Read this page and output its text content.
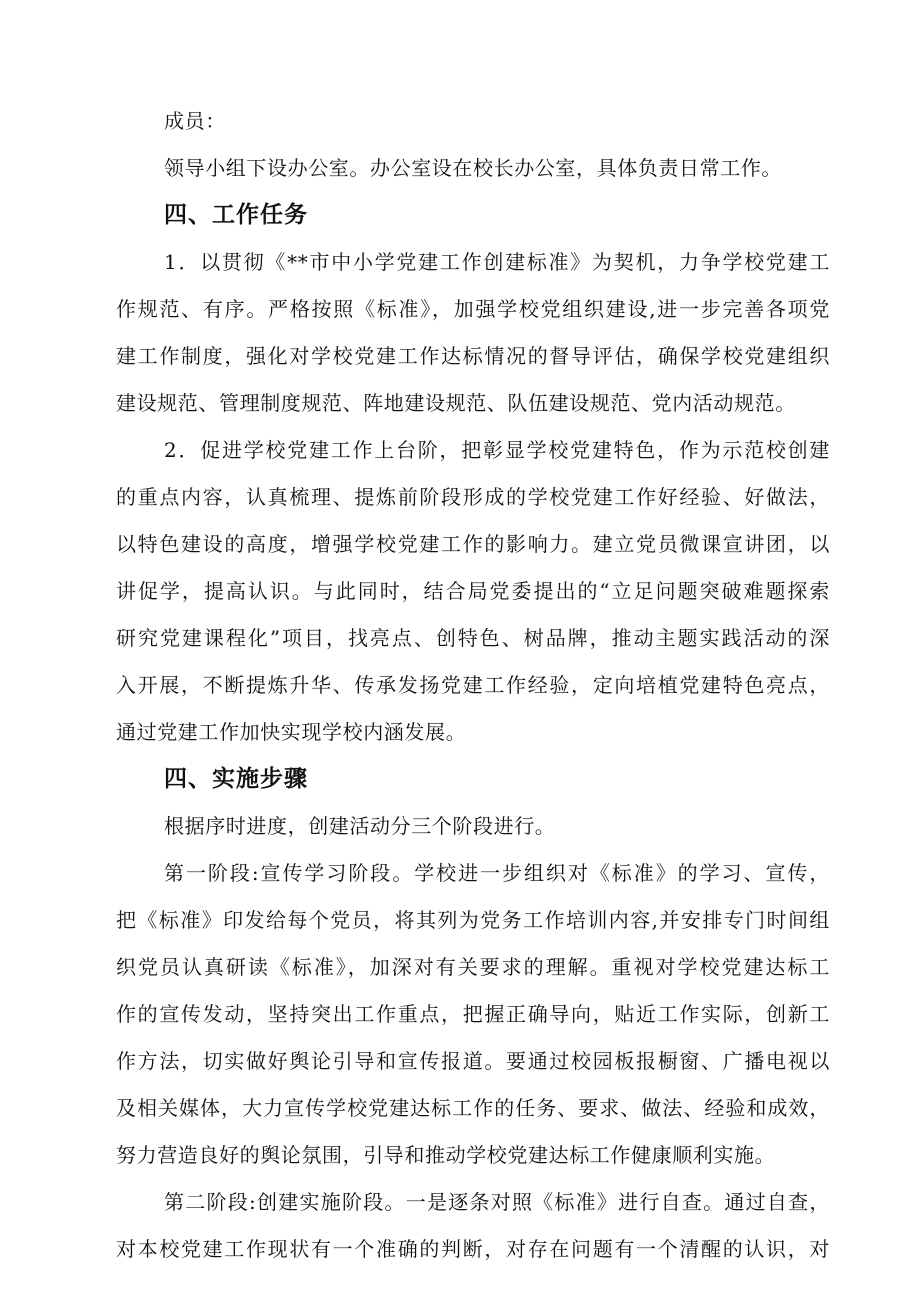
成员：
领导小组下设办公室。办公室设在校长办公室，具体负责日常工作。
四、工作任务
1．以贯彻《**市中小学党建工作创建标准》为契机，力争学校党建工
作规范、有序。严格按照《标准》，加强学校党组织建设,进一步完善各项党
建工作制度，强化对学校党建工作达标情况的督导评估，确保学校党建组织
建设规范、管理制度规范、阵地建设规范、队伍建设规范、党内活动规范。
2．促进学校党建工作上台阶，把彰显学校党建特色，作为示范校创建
的重点内容，认真梳理、提炼前阶段形成的学校党建工作好经验、好做法，
以特色建设的高度，增强学校党建工作的影响力。建立党员微课宣讲团，以
讲促学，提高认识。与此同时，结合局党委提出的“立足问题突破难题探索
研究党建课程化”项目，找亮点、创特色、树品牌，推动主题实践活动的深
入开展，不断提炼升华、传承发扬党建工作经验，定向培植党建特色亮点，
通过党建工作加快实现学校内涵发展。
四、实施步骤
根据序时进度，创建活动分三个阶段进行。
第一阶段:宣传学习阶段。学校进一步组织对《标准》的学习、宣传，
把《标准》印发给每个党员，将其列为党务工作培训内容,并安排专门时间组
织党员认真研读《标准》，加深对有关要求的理解。重视对学校党建达标工
作的宣传发动，坚持突出工作重点，把握正确导向，贴近工作实际，创新工
作方法，切实做好舆论引导和宣传报道。要通过校园板报橱窗、广播电视以
及相关媒体，大力宣传学校党建达标工作的任务、要求、做法、经验和成效，
努力营造良好的舆论氛围，引导和推动学校党建达标工作健康顺利实施。
第二阶段:创建实施阶段。一是逐条对照《标准》进行自查。通过自查，
对本校党建工作现状有一个准确的判断，对存在问题有一个清醒的认识，对
